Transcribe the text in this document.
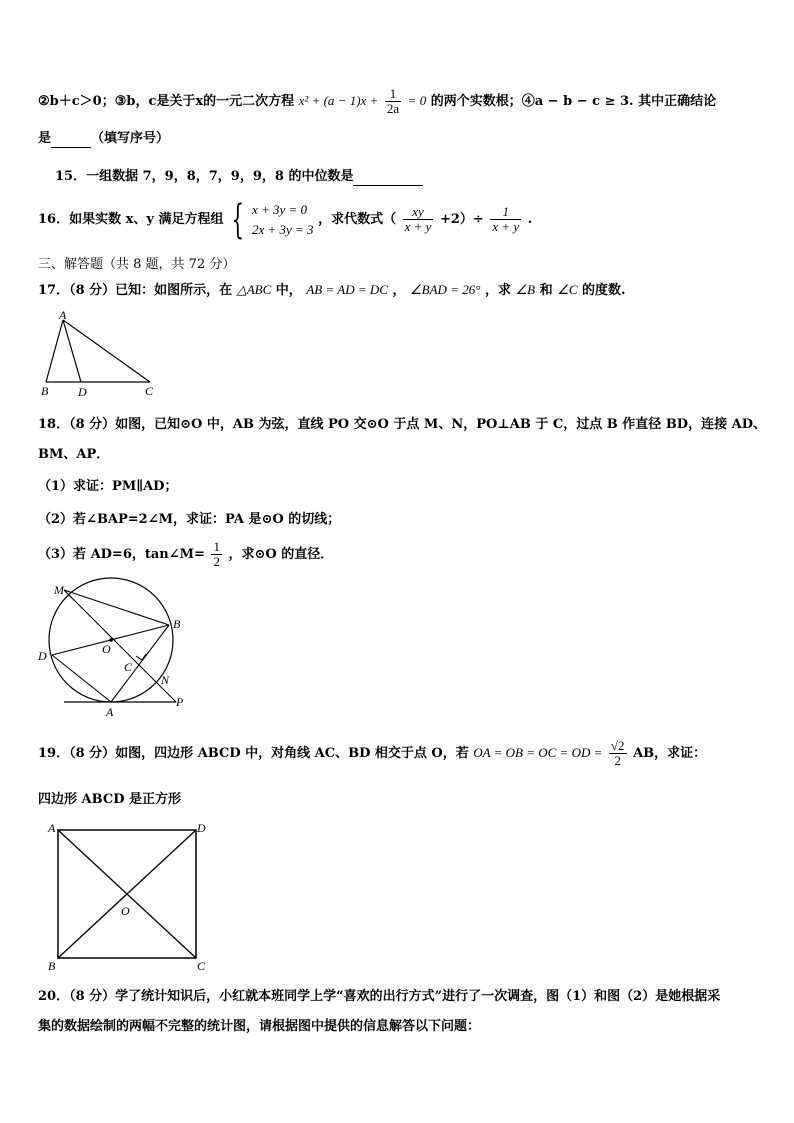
②b＋c＞0；③b，c是关于x的一元二次方程 $x^2 + (a - 1)x + \frac{1}{2a} = 0$ 的两个实数根；④a − b − c ≥ 3. 其中正确结论
是	（填写序号）
15．一组数据 7，9，8，7，9，9，8 的中位数是
16．如果实数 x、y 满足方程组 { x + 3y = 0
2x + 3y = 3
，求代数式（ $\frac{xy}{x + y} +2)\div \frac{1}{x + y}$ .
三、解答题（共 8 题，共 72 分）
17．（8 分）已知：如图所示，在 △ABC 中， AB = AD = DC ， ∠BAD = 26° ，求 ∠B 和 ∠C 的度数.
A
B D	C
18．（8 分）如图，已知⊙O 中，AB 为弦，直线 PO 交⊙O 于点 M、N，PO⊥AB 于 C，过点 B 作直径 BD，连接 AD、
BM、AP．
（1）求证：PM∥AD；
（2）若∠BAP=2∠M，求证：PA 是⊙O 的切线；
（3）若 AD=6，tan∠M= $\frac{1}{2}$ ，求⊙O 的直径．
M
B
O
D
C
N
A
P
19．（8 分）如图，四边形 ABCD 中，对角线 AC、BD 相交于点 O，若 OA = OB = OC = OD = $\frac{√2}{2}$ AB，求证：
四边形 ABCD 是正方形
A	D
O
B	C
20．（8 分）学了统计知识后，小红就本班同学上学“喜欢的出行方式”进行了一次调查，图（1）和图（2）是她根据采
集的数据绘制的两幅不完整的统计图，请根据图中提供的信息解答以下问题：
